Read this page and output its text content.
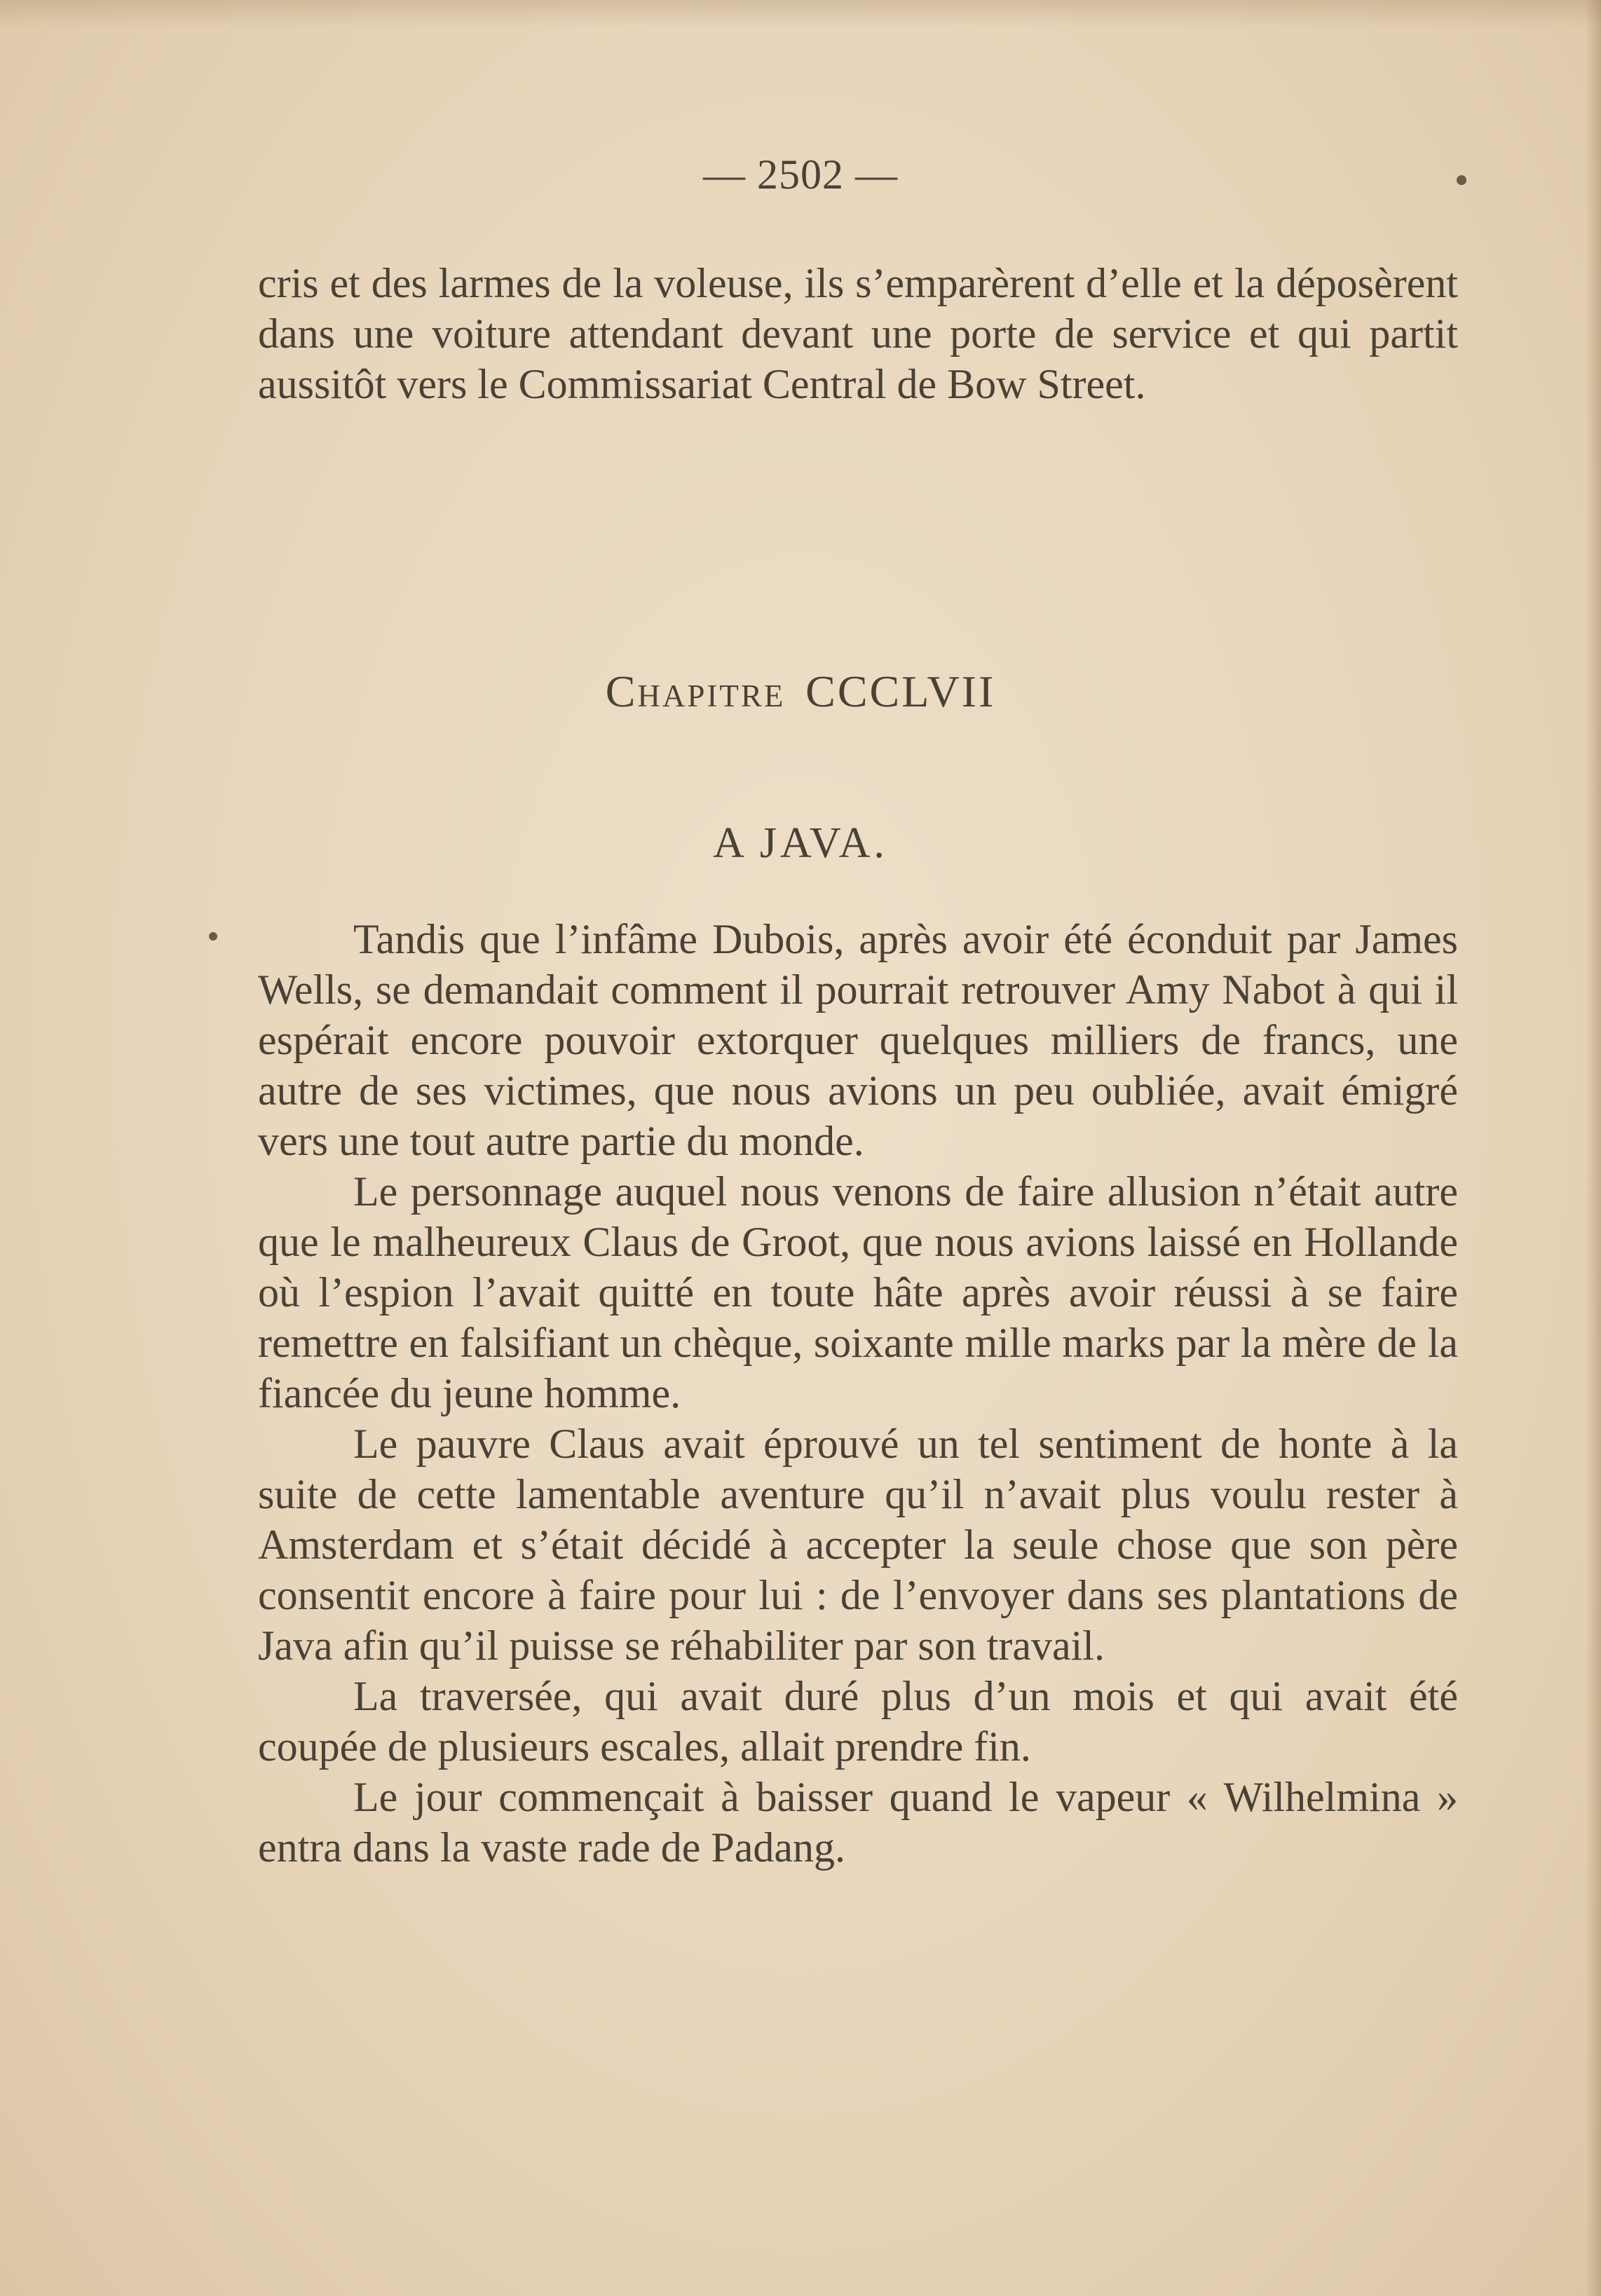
— 2502 —

cris et des larmes de la voleuse, ils s’emparèrent d’elle et la déposèrent dans une voiture attendant devant une porte de service et qui partit aussitôt vers le Commissariat Central de Bow Street.

Chapitre CCCLVII
A JAVA.

Tandis que l’infâme Dubois, après avoir été éconduit par James Wells, se demandait comment il pourrait retrouver Amy Nabot à qui il espérait encore pouvoir extorquer quelques milliers de francs, une autre de ses victimes, que nous avions un peu oubliée, avait émigré vers une tout autre partie du monde.

Le personnage auquel nous venons de faire allusion n’était autre que le malheureux Claus de Groot, que nous avions laissé en Hollande où l’espion l’avait quitté en toute hâte après avoir réussi à se faire remettre en falsifiant un chèque, soixante mille marks par la mère de la fiancée du jeune homme.

Le pauvre Claus avait éprouvé un tel sentiment de honte à la suite de cette lamentable aventure qu’il n’avait plus voulu rester à Amsterdam et s’était décidé à accepter la seule chose que son père consentit encore à faire pour lui : de l’envoyer dans ses plantations de Java afin qu’il puisse se réhabiliter par son travail.

La traversée, qui avait duré plus d’un mois et qui avait été coupée de plusieurs escales, allait prendre fin.

Le jour commençait à baisser quand le vapeur « Wilhelmina » entra dans la vaste rade de Padang.
